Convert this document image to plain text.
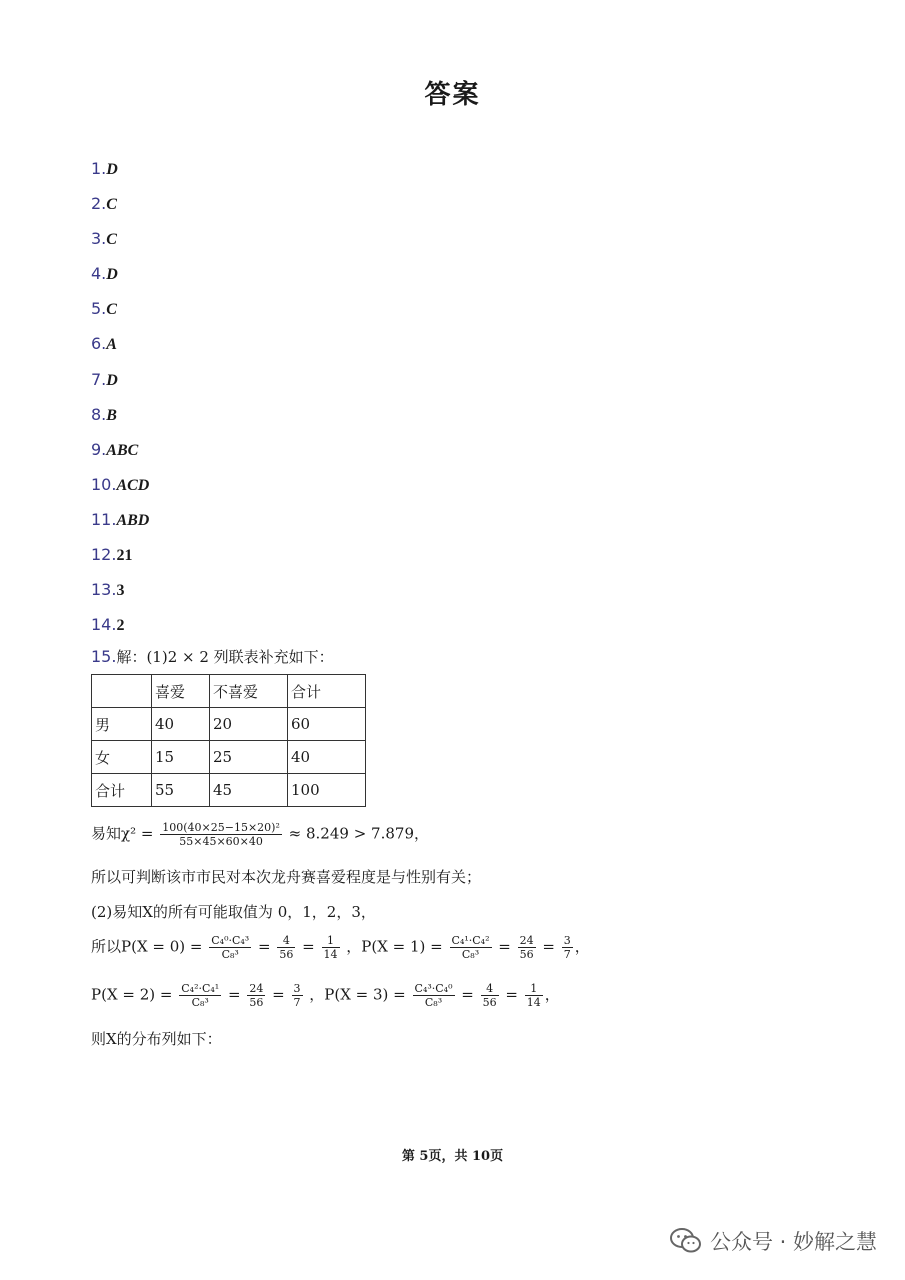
答案
1.D
2.C
3.C
4.D
5.C
6.A
7.D
8.B
9.ABC
10.ACD
11.ABD
12.21
13.3
14.2
15.解：(1)2 × 2 列联表补充如下：
	喜爱	不喜爱	合计
男	40	20	60
女	15	25	40
合计	55	45	100
易知$\chi^2 = \frac{\text{100(40×25−15×20)²}}{55\times 45\times 60\times 40} \approx 8.249 > 7.879$，
所以可判断该市市民对本次龙舟赛喜爱程度是与性别有关；
(2)易知X的所有可能取值为 0，1，2，3，
所以$P(X = 0) = \frac{\text{C₄⁰·C₄³}}{\text{C₈³}} = \frac{4}{56} = \frac{1}{14}$ ，$P(X = 1) = \frac{\text{C₄¹·C₄²}}{\text{C₈³}} = \frac{24}{56} = \frac{3}{7}$ ，
$P(X = 2) = \frac{\text{C₄²·C₄¹}}{\text{C₈³}} = \frac{24}{56} = \frac{3}{7}$ ，$P(X = 3) = \frac{\text{C₄³·C₄⁰}}{\text{C₈³}} = \frac{4}{56} = \frac{1}{14}$ ，
则X的分布列如下：
第 5页，共 10页
公众号 · 妙解之慧
